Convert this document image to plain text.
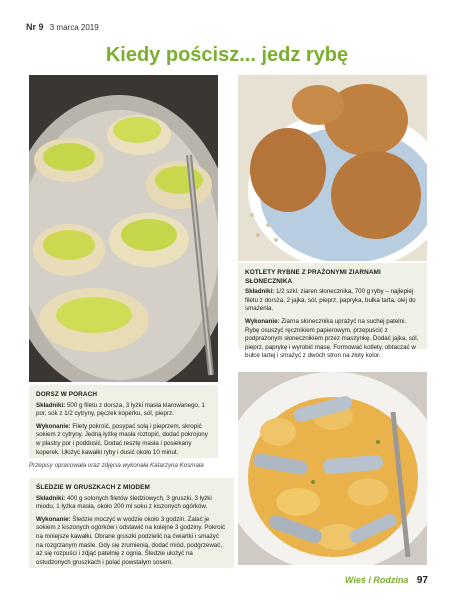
Nr 9 3 marca 2019
Kiedy pościsz... jedz rybę
KOTLETY RYBNE Z PRAŻONYMI ZIARNAMI SŁONECZNIKA

Składniki: 1/2 szkl. ziaren słonecznika, 700 g ryby – najlepiej filetu z dorsza, 2 jajka, sól, pieprz, papryka, bułka tarta, olej do smażenia.

Wykonanie: Ziarna słonecznika uprażyć na suchej patelni. Rybę osuszyć ręcznikiem papierowym, przepuścić z podprażonym słonecznikiem przez maszynkę. Dodać jajka, sól, pieprz, paprykę i wyrobić masę. Formować kotlety, obtaczać w bułce tartej i smażyć z dwóch stron na złoty kolor.

DORSZ W PORACH

Składniki: 500 g filetu z dorsza, 3 łyżki masła klarowanego, 1 por, sok z 1/2 cytryny, pęczek koperku, sól, pieprz.

Wykonanie: Filety pokroić, posypać solą i pieprzem, skropić sokiem z cytryny. Jedną łyżkę masła roztopić, dodać pokrojony w plastry por i poddusić. Dodać resztę masła i posiekany koperek. Ułożyć kawałki ryby i dusić około 10 minut.

Przepisy opracowała oraz zdjęcia wykonała Katarzyna Kosmala
ŚLEDZIE W GRUSZKACH Z MIODEM

Składniki: 400 g solonych filetów śledziowych, 3 gruszki, 3 łyżki miodu, 1 łyżka masła, około 200 ml soku z kiszonych ogórków.

Wykonanie: Śledzie moczyć w wodzie około 3 godzin. Zalać je sokiem z kiszonych ogórków i odstawić na kolejne 3 godziny. Pokroić na mniejsze kawałki. Obrane gruszki podzielić na ćwiartki i smażyć na rozgrzanym maśle. Gdy się zrumienią, dodać miód, podgrzewać, aż się rozpuści i zdjąć patelnię z ognia. Śledzie ułożyć na ostudzonych gruszkach i polać powstałym sosem.

Wieś i Rodzina 97
